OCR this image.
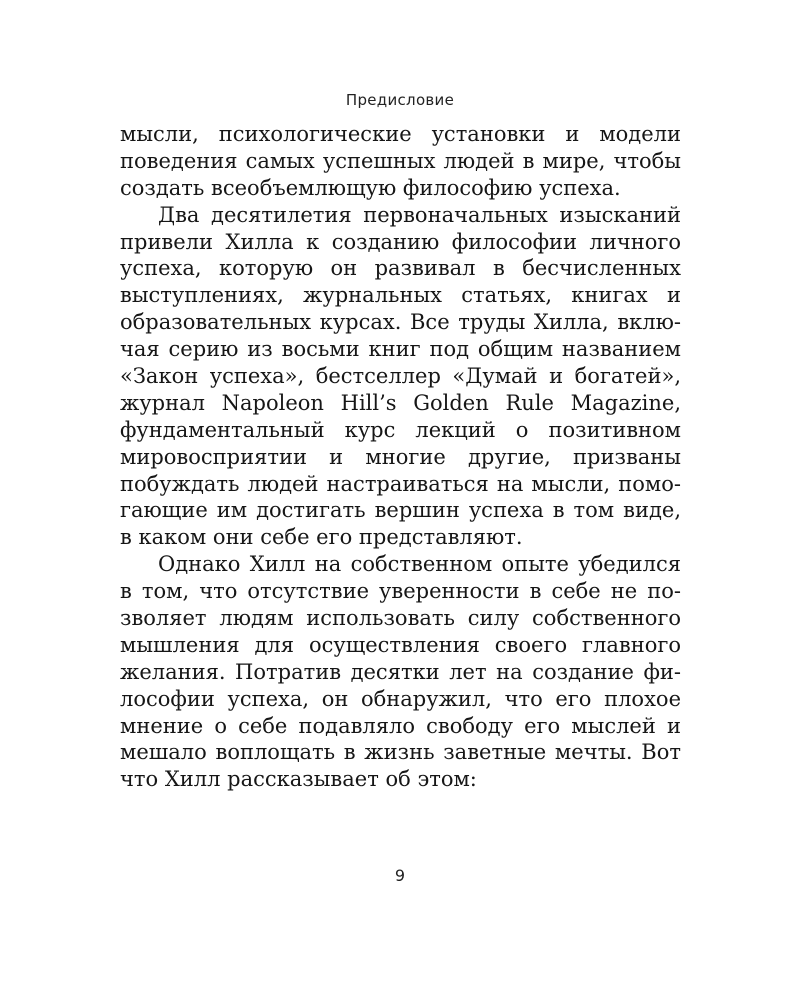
Предисловие
мысли, психологические установки и модели
поведения самых успешных людей в мире, чтобы
создать всеобъемлющую философию успеха.
Два десятилетия первоначальных изысканий
привели Хилла к созданию философии личного
успеха, которую он развивал в бесчисленных
выступлениях, журнальных статьях, книгах и
образовательных курсах. Все труды Хилла, вклю-
чая серию из восьми книг под общим названием
«Закон успеха», бестселлер «Думай и богатей»,
журнал Napoleon Hill’s Golden Rule Magazine,
фундаментальный курс лекций о позитивном
мировосприятии и многие другие, призваны
побуждать людей настраиваться на мысли, помо-
гающие им достигать вершин успеха в том виде,
в каком они себе его представляют.
Однако Хилл на собственном опыте убедился
в том, что отсутствие уверенности в себе не по-
зволяет людям использовать силу собственного
мышления для осуществления своего главного
желания. Потратив десятки лет на создание фи-
лософии успеха, он обнаружил, что его плохое
мнение о себе подавляло свободу его мыслей и
мешало воплощать в жизнь заветные мечты. Вот
что Хилл рассказывает об этом:
9
